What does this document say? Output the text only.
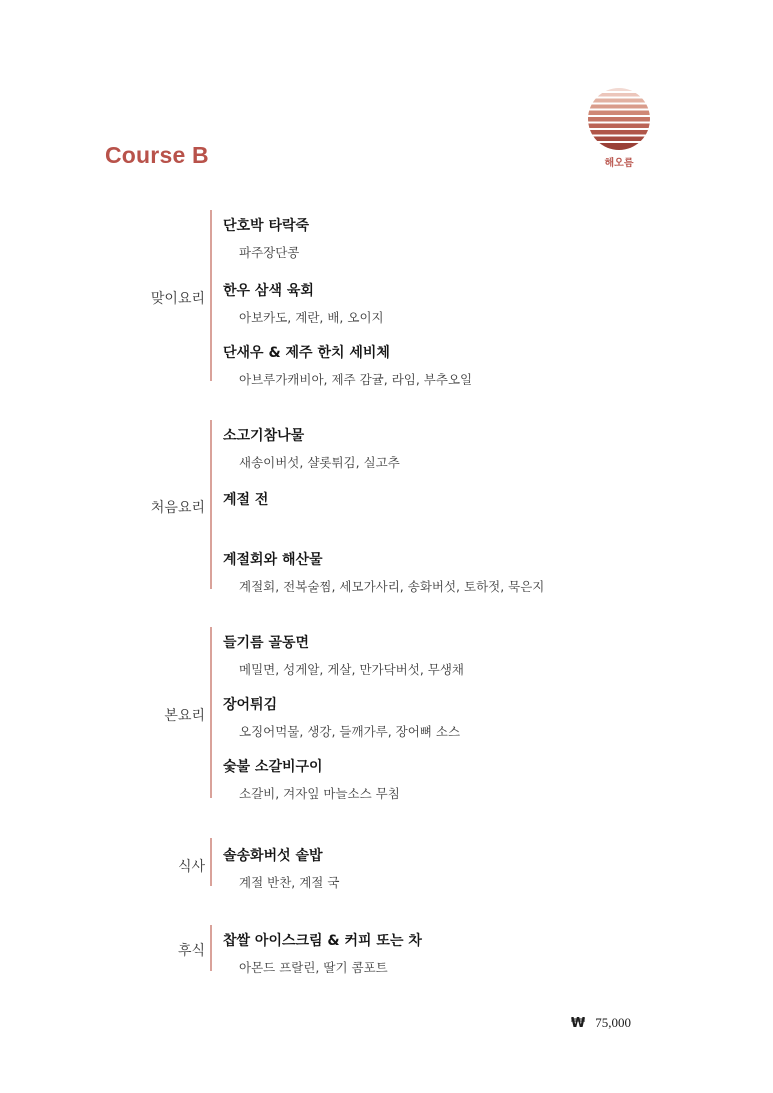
Course B	해오름
맞이요리
단호박 타락죽
파주장단콩
한우 삼색 육회
아보카도, 계란, 배, 오이지
단새우 & 제주 한치 세비체
아브루가캐비아, 제주 감귤, 라임, 부추오일
처음요리
소고기참나물
새송이버섯, 샬롯튀김, 실고추
계절 전
계절회와 해산물
계절회, 전복술찜, 세모가사리, 송화버섯, 토하젓, 묵은지
본요리
들기름 골동면
메밀면, 성게알, 게살, 만가닥버섯, 무생채
장어튀김
오징어먹물, 생강, 들깨가루, 장어뼈 소스
숯불 소갈비구이
소갈비, 겨자잎 마늘소스 무침
식사
솔송화버섯 솥밥
계절 반찬, 계절 국
후식
찹쌀 아이스크림 & 커피 또는 차
아몬드 프랄린, 딸기 콤포트
₩ 75,000
